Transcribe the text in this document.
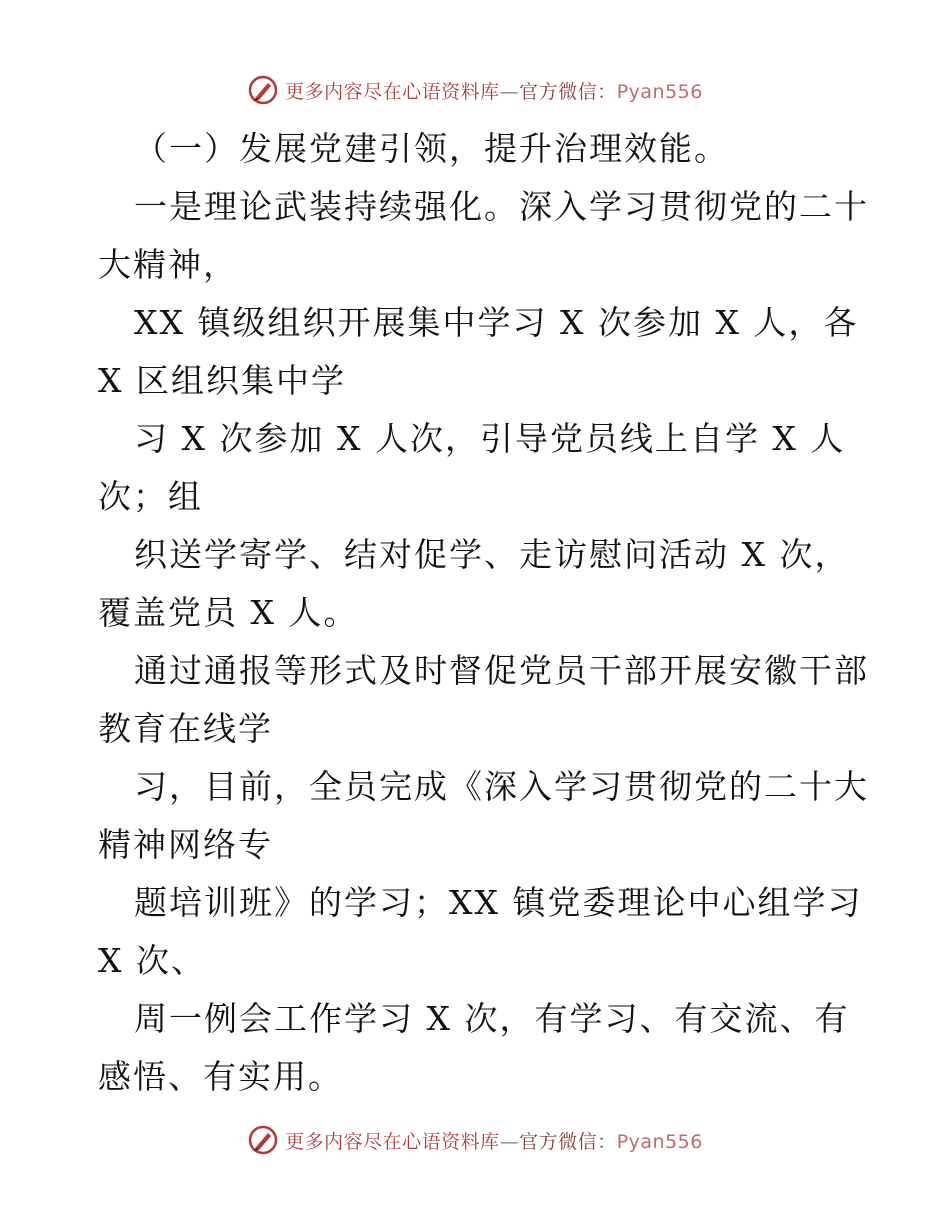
更多内容尽在心语资料库—官方微信：Pyan556
（一）发展党建引领，提升治理效能。
一是理论武装持续强化。深入学习贯彻党的二十
大精神，
XX 镇级组织开展集中学习 X 次参加 X 人，各
X 区组织集中学
习 X 次参加 X 人次，引导党员线上自学 X 人
次；组
织送学寄学、结对促学、走访慰问活动 X 次，
覆盖党员 X 人。
通过通报等形式及时督促党员干部开展安徽干部
教育在线学
习，目前，全员完成《深入学习贯彻党的二十大
精神网络专
题培训班》的学习；XX 镇党委理论中心组学习
X 次、
周一例会工作学习 X 次，有学习、有交流、有
感悟、有实用。
更多内容尽在心语资料库—官方微信：Pyan556
